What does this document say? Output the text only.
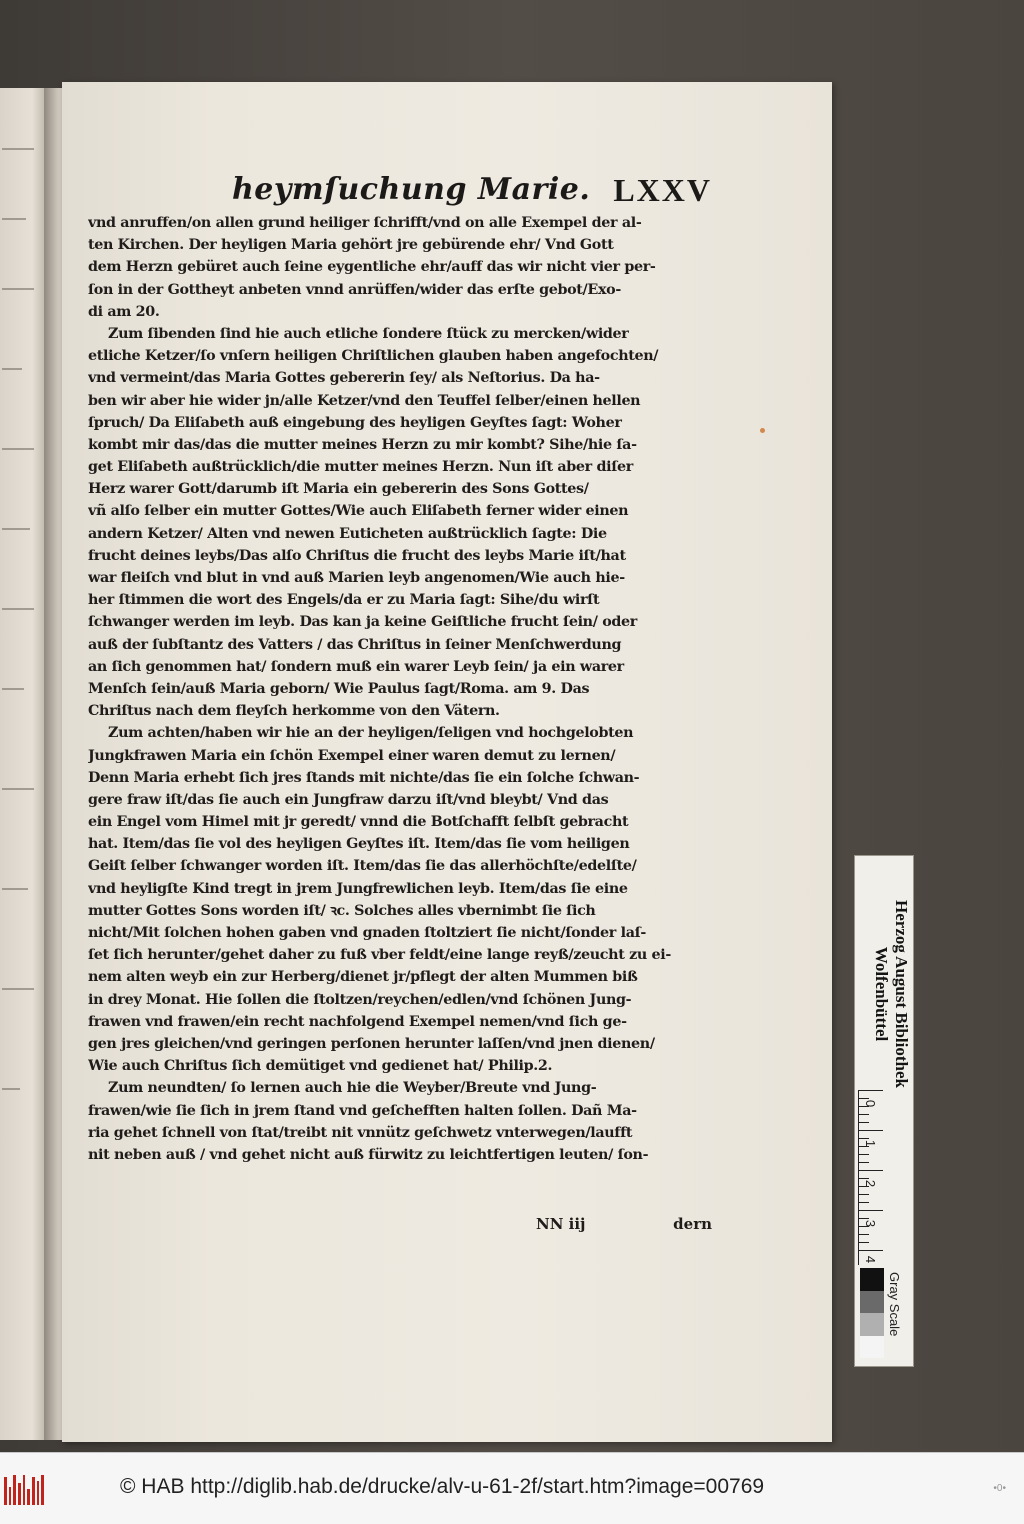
heymſuchung Marie. LXXV
vnd anruffen/on allen grund heiliger ſchrifft/vnd on alle Exempel der al-
ten Kirchen. Der heyligen Maria gehört jre gebürende ehr/ Vnd Gott
dem Herzn gebüret auch ſeine eygentliche ehr/auff das wir nicht vier per-
ſon in der Gottheyt anbeten vnnd anrüffen/wider das erſte gebot/Exo-
di am 20.
Zum ſibenden ſind hie auch etliche ſondere ſtück zu mercken/wider
etliche Ketzer/ſo vnſern heiligen Chriſtlichen glauben haben angefochten/
vnd vermeint/das Maria Gottes gebererin ſey/ als Neſtorius. Da ha-
ben wir aber hie wider jn/alle Ketzer/vnd den Teuffel ſelber/einen hellen
ſpruch/ Da Eliſabeth auß eingebung des heyligen Geyſtes ſagt: Woher
kombt mir das/das die mutter meines Herzn zu mir kombt? Sihe/hie ſa-
get Eliſabeth außtrücklich/die mutter meines Herzn. Nun iſt aber diſer
Herz warer Gott/darumb iſt Maria ein gebererin des Sons Gottes/
vñ alſo ſelber ein mutter Gottes/Wie auch Eliſabeth ferner wider einen
andern Ketzer/ Alten vnd newen Euticheten außtrücklich ſagte: Die
frucht deines leybs/Das alſo Chriſtus die frucht des leybs Marie iſt/hat
war fleiſch vnd blut in vnd auß Marien leyb angenomen/Wie auch hie-
her ſtimmen die wort des Engels/da er zu Maria ſagt: Sihe/du wirſt
ſchwanger werden im leyb. Das kan ja keine Geiſtliche frucht ſein/ oder
auß der ſubſtantz des Vatters / das Chriſtus in ſeiner Menſchwerdung
an ſich genommen hat/ ſondern muß ein warer Leyb ſein/ ja ein warer
Menſch ſein/auß Maria geborn/ Wie Paulus ſagt/Roma. am 9. Das
Chriſtus nach dem fleyſch herkomme von den Vätern.
Zum achten/haben wir hie an der heyligen/ſeligen vnd hochgelobten
Jungkfrawen Maria ein ſchön Exempel einer waren demut zu lernen/
Denn Maria erhebt ſich jres ſtands mit nichte/das ſie ein ſolche ſchwan-
gere fraw iſt/das ſie auch ein Jungfraw darzu iſt/vnd bleybt/ Vnd das
ein Engel vom Himel mit jr geredt/ vnnd die Botſchafft ſelbſt gebracht
hat. Item/das ſie vol des heyligen Geyſtes iſt. Item/das ſie vom heiligen
Geiſt ſelber ſchwanger worden iſt. Item/das ſie das allerhöchſte/edelſte/
vnd heyligſte Kind tregt in jrem Jungfrewlichen leyb. Item/das ſie eine
mutter Gottes Sons worden iſt/ ꝛc. Solches alles vbernimbt ſie ſich
nicht/Mit ſolchen hohen gaben vnd gnaden ſtoltziert ſie nicht/ſonder laſ-
ſet ſich herunter/gehet daher zu fuß vber feldt/eine lange reyß/zeucht zu ei-
nem alten weyb ein zur Herberg/dienet jr/pflegt der alten Mummen biß
in drey Monat. Hie ſollen die ſtoltzen/reychen/edlen/vnd ſchönen Jung-
frawen vnd frawen/ein recht nachfolgend Exempel nemen/vnd ſich ge-
gen jres gleichen/vnd geringen perſonen herunter laſſen/vnd jnen dienen/
Wie auch Chriſtus ſich demütiget vnd gedienet hat/ Philip.2.
Zum neundten/ ſo lernen auch hie die Weyber/Breute vnd Jung-
frawen/wie ſie ſich in jrem ſtand vnd geſchefften halten ſollen. Dañ Ma-
ria gehet ſchnell von ſtat/treibt nit vnnütz geſchwetz vnterwegen/laufft
nit neben auß / vnd gehet nicht auß fürwitz zu leichtfertigen leuten/ ſon-
NN iij	dern
Herzog August Bibliothek
Wolfenbüttel
0
1
2
3
4
Gray Scale
© HAB http://diglib.hab.de/drucke/alv-u-61-2f/start.htm?image=00769	•0•
